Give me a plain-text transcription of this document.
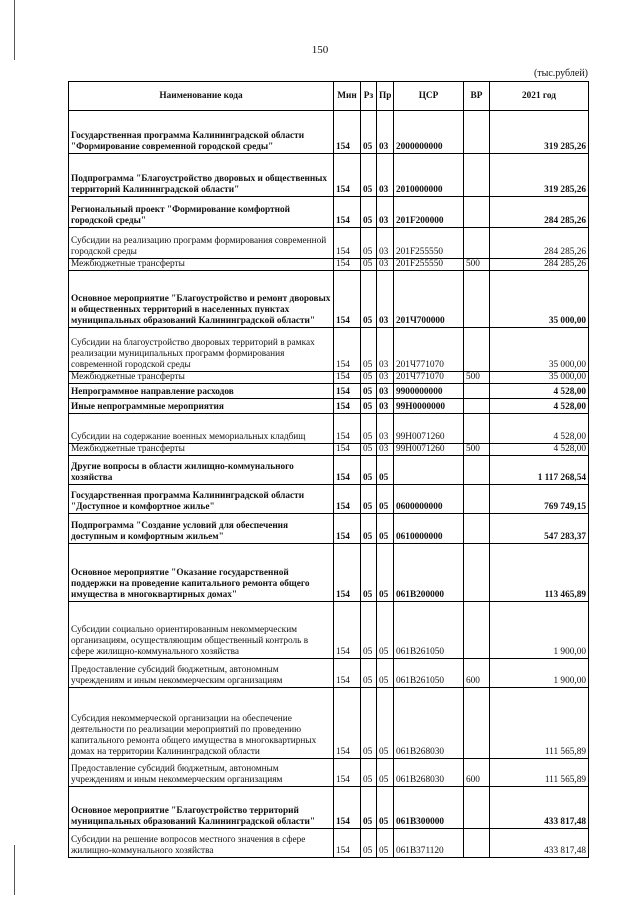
150
(тыс.рублей)
Наименование кода	Мин	Рз	Пр	ЦСР	ВР	2021 год
Государственная программа Калининградской области "Формирование современной городской среды"	154	05	03	2000000000		319 285,26
Подпрограмма "Благоустройство дворовых и общественных территорий Калининградской области"	154	05	03	2010000000		319 285,26
Региональный проект "Формирование комфортной городской среды"	154	05	03	201F200000		284 285,26
Субсидии на реализацию программ формирования современной городской среды	154	05	03	201F255550		284 285,26
Межбюджетные трансферты	154	05	03	201F255550	500	284 285,26
Основное мероприятие "Благоустройство и ремонт дворовых и общественных территорий в населенных пунктах муниципальных образований Калининградской области"	154	05	03	201Ч700000		35 000,00
Субсидии на благоустройство дворовых территорий в рамках реализации муниципальных программ формирования современной городской среды	154	05	03	201Ч771070		35 000,00
Межбюджетные трансферты	154	05	03	201Ч771070	500	35 000,00
Непрограммное направление расходов	154	05	03	9900000000		4 528,00
Иные непрограммные мероприятия	154	05	03	99Н0000000		4 528,00
Субсидии на содержание военных мемориальных кладбищ	154	05	03	99Н0071260		4 528,00
Межбюджетные трансферты	154	05	03	99Н0071260	500	4 528,00
Другие вопросы в области жилищно-коммунального хозяйства	154	05	05			1 117 268,54
Государственная программа Калининградской области "Доступное и комфортное жилье"	154	05	05	0600000000		769 749,15
Подпрограмма "Создание условий для обеспечения доступным и комфортным жильем"	154	05	05	0610000000		547 283,37
Основное мероприятие "Оказание государственной поддержки на проведение капитального ремонта общего имущества в многоквартирных домах"	154	05	05	061В200000		113 465,89
Субсидии социально ориентированным некоммерческим организациям, осуществляющим общественный контроль в сфере жилищно-коммунального хозяйства	154	05	05	061В261050		1 900,00
Предоставление субсидий бюджетным, автономным учреждениям и иным некоммерческим организациям	154	05	05	061В261050	600	1 900,00
Субсидия некоммерческой организации на обеспечение деятельности по реализации мероприятий по проведению капитального ремонта общего имущества в многоквартирных домах на территории Калининградской области	154	05	05	061В268030		111 565,89
Предоставление субсидий бюджетным, автономным учреждениям и иным некоммерческим организациям	154	05	05	061В268030	600	111 565,89
Основное мероприятие "Благоустройство территорий муниципальных образований Калининградской области"	154	05	05	061В300000		433 817,48
Субсидии на решение вопросов местного значения в сфере жилищно-коммунального хозяйства	154	05	05	061В371120		433 817,48
